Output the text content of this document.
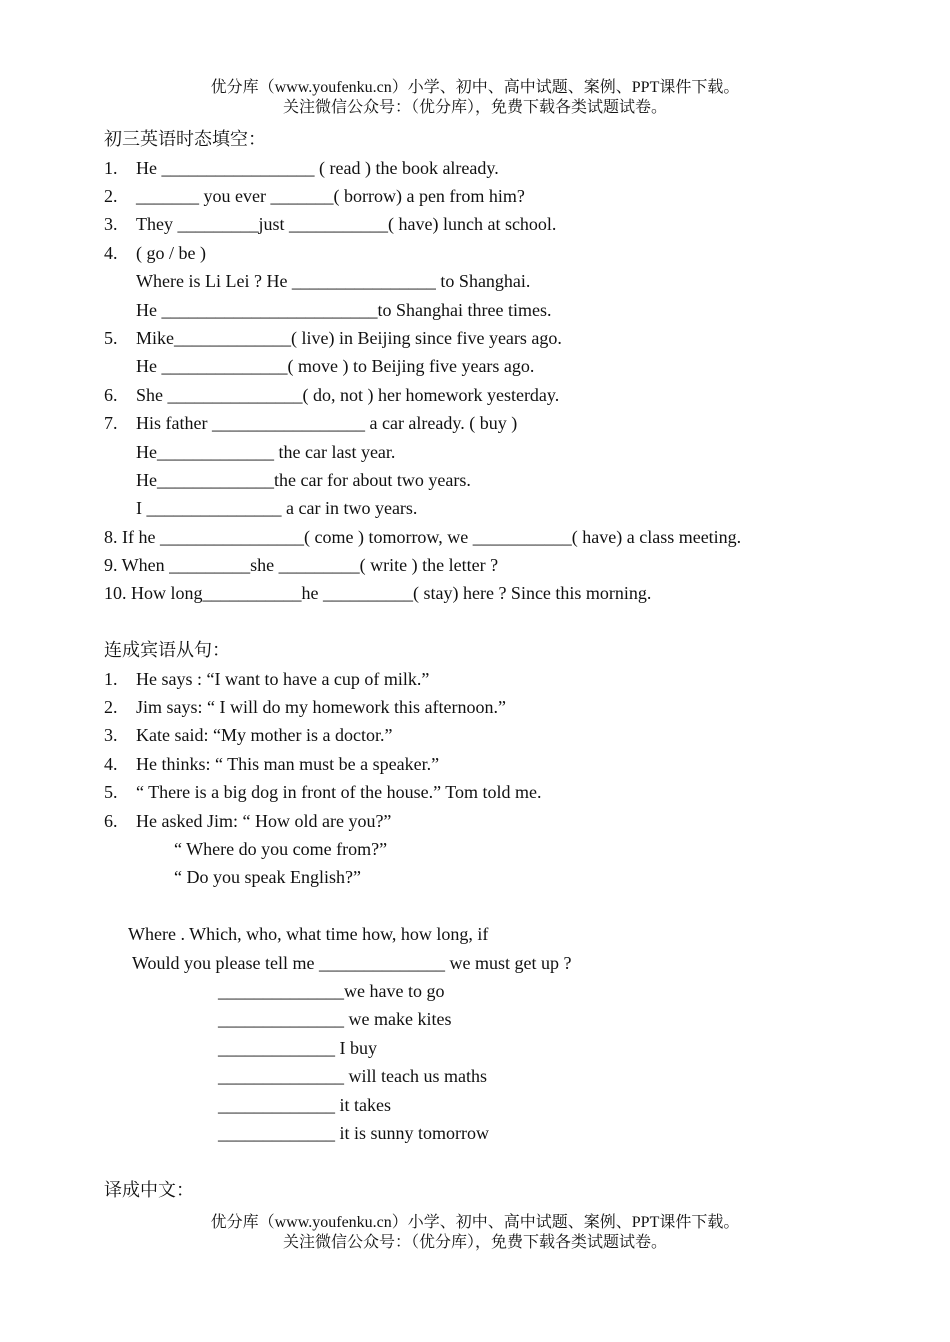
优分库（www.youfenku.cn）小学、初中、高中试题、案例、PPT课件下载。
关注微信公众号：（优分库），免费下载各类试题试卷。
初三英语时态填空：
1. He _________________ ( read ) the book already.
2. _______ you ever _______( borrow) a pen from him?
3. They _________just ___________( have) lunch at school.
4. ( go / be )
Where is Li Lei ? He ________________ to Shanghai.
He ________________________to Shanghai three times.
5. Mike_____________( live) in Beijing since five years ago.
He ______________( move ) to Beijing five years ago.
6. She _______________( do, not ) her homework yesterday.
7. His father _________________ a car already. ( buy )
He_____________ the car last year.
He_____________the car for about two years.
I _______________ a car in two years.
8. If he ________________( come ) tomorrow, we ___________( have) a class meeting.
9. When _________she _________( write ) the letter ?
10. How long___________he __________( stay) here ? Since this morning.
连成宾语从句：
1. He says : “I want to have a cup of milk.”
2. Jim says: “ I will do my homework this afternoon.”
3. Kate said: “My mother is a doctor.”
4. He thinks: “ This man must be a speaker.”
5. “ There is a big dog in front of the house.” Tom told me.
6. He asked Jim: “ How old are you?”
“ Where do you come from?”
“ Do you speak English?”
Where . Which, who, what time how, how long, if
Would you please tell me ______________ we must get up ?
______________we have to go
______________ we make kites
_____________ I buy
______________ will teach us maths
_____________ it takes
_____________ it is sunny tomorrow
译成中文：
优分库（www.youfenku.cn）小学、初中、高中试题、案例、PPT课件下载。
关注微信公众号：（优分库），免费下载各类试题试卷。
